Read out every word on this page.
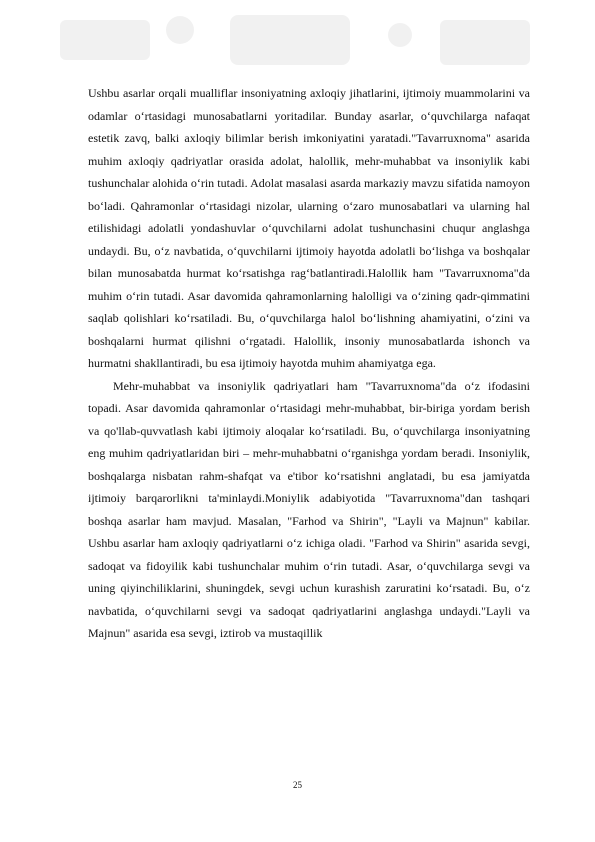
Ushbu asarlar orqali mualliflar insoniyatning axloqiy jihatlarini, ijtimoiy muammolarini va odamlar o‘rtasidagi munosabatlarni yoritadilar. Bunday asarlar, o‘quvchilarga nafaqat estetik zavq, balki axloqiy bilimlar berish imkoniyatini yaratadi."Tavarruxnoma" asarida muhim axloqiy qadriyatlar orasida adolat, halollik, mehr-muhabbat va insoniylik kabi tushunchalar alohida o‘rin tutadi. Adolat masalasi asarda markaziy mavzu sifatida namoyon bo‘ladi. Qahramonlar o‘rtasidagi nizolar, ularning o‘zaro munosabatlari va ularning hal etilishidagi adolatli yondashuvlar o‘quvchilarni adolat tushunchasini chuqur anglashga undaydi. Bu, o‘z navbatida, o‘quvchilarni ijtimoiy hayotda adolatli bo‘lishga va boshqalar bilan munosabatda hurmat ko‘rsatishga rag‘batlantiradi.Halollik ham "Tavarruxnoma"da muhim o‘rin tutadi. Asar davomida qahramonlarning halolligi va o‘zining qadr-qimmatini saqlab qolishlari ko‘rsatiladi. Bu, o‘quvchilarga halol bo‘lishning ahamiyatini, o‘zini va boshqalarni hurmat qilishni o‘rgatadi. Halollik, insoniy munosabatlarda ishonch va hurmatni shakllantiradi, bu esa ijtimoiy hayotda muhim ahamiyatga ega.

Mehr-muhabbat va insoniylik qadriyatlari ham "Tavarruxnoma"da o‘z ifodasini topadi. Asar davomida qahramonlar o‘rtasidagi mehr-muhabbat, bir-biriga yordam berish va qo'llab-quvvatlash kabi ijtimoiy aloqalar ko‘rsatiladi. Bu, o‘quvchilarga insoniyatning eng muhim qadriyatlaridan biri – mehr-muhabbatni o‘rganishga yordam beradi. Insoniylik, boshqalarga nisbatan rahm-shafqat va e'tibor ko‘rsatishni anglatadi, bu esa jamiyatda ijtimoiy barqarorlikni ta'minlaydi.Moniylik adabiyotida "Tavarruxnoma"dan tashqari boshqa asarlar ham mavjud. Masalan, "Farhod va Shirin", "Layli va Majnun" kabilar. Ushbu asarlar ham axloqiy qadriyatlarni o‘z ichiga oladi. "Farhod va Shirin" asarida sevgi, sadoqat va fidoyilik kabi tushunchalar muhim o‘rin tutadi. Asar, o‘quvchilarga sevgi va uning qiyinchiliklarini, shuningdek, sevgi uchun kurashish zaruratini ko‘rsatadi. Bu, o‘z navbatida, o‘quvchilarni sevgi va sadoqat qadriyatlarini anglashga undaydi."Layli va Majnun" asarida esa sevgi, iztirob va mustaqillik

25
